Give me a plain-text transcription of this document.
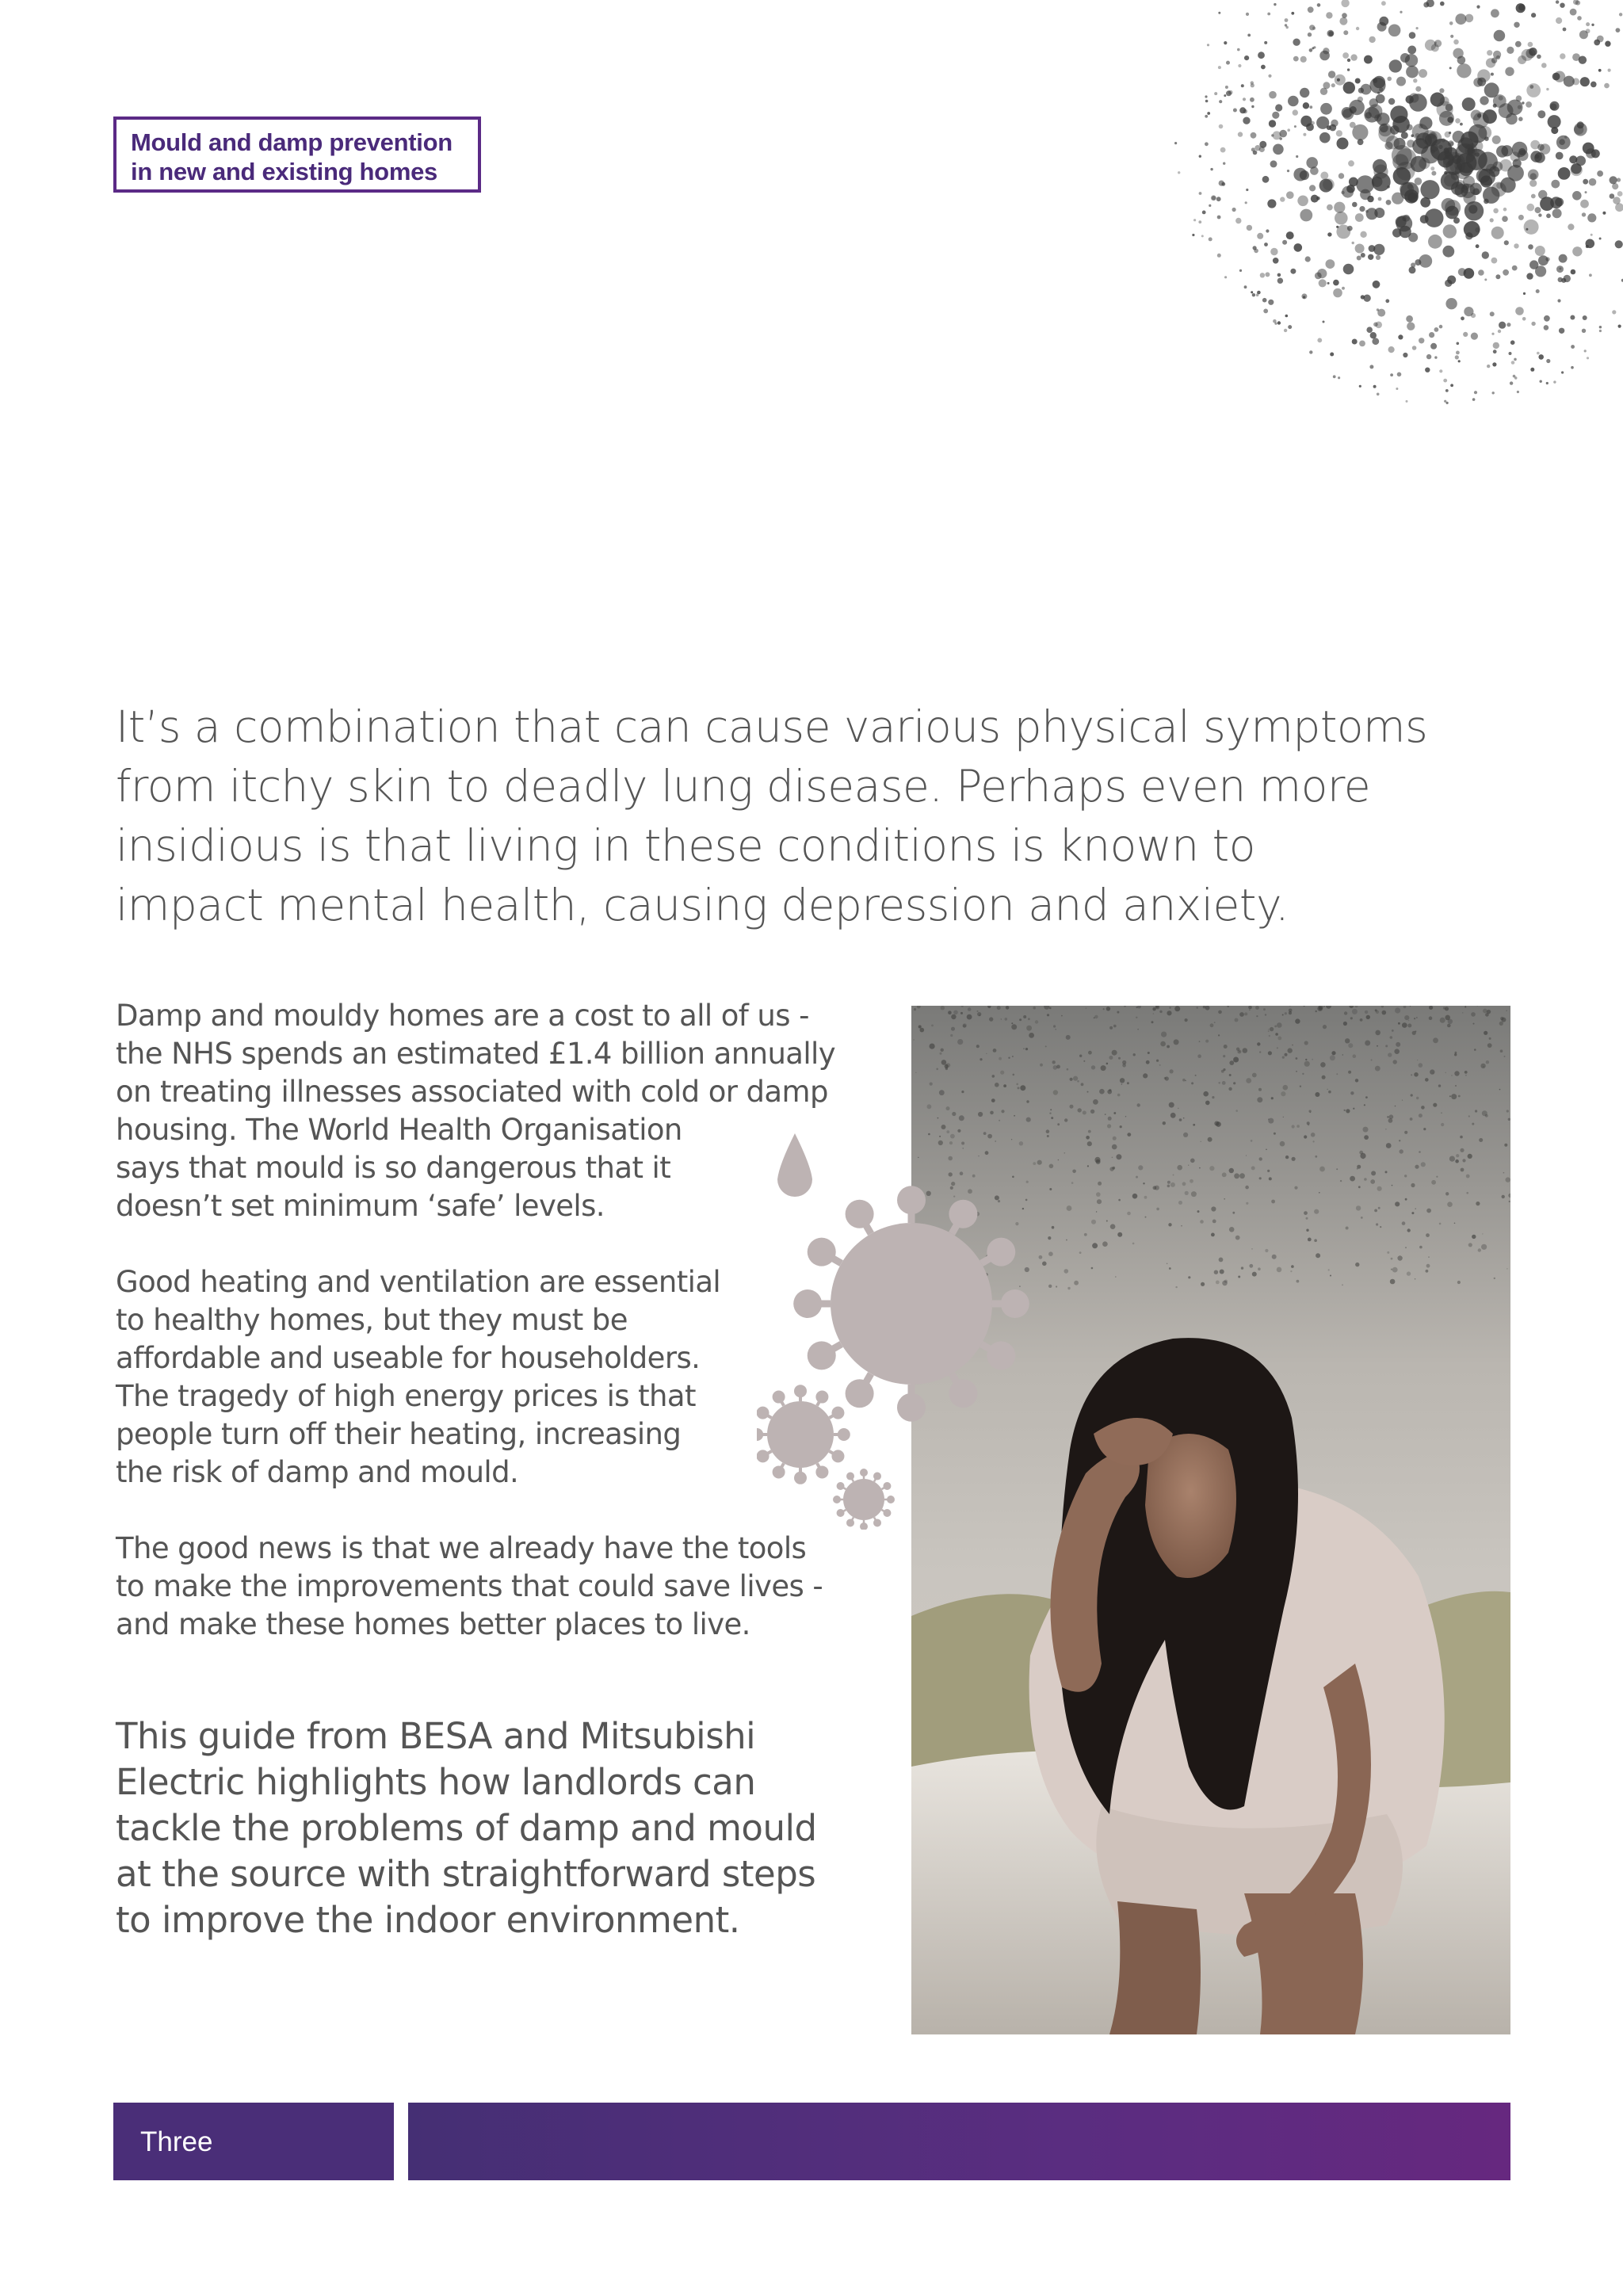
Mould and damp prevention
in new and existing homes
It’s a combination that can cause various physical symptoms
from itchy skin to deadly lung disease. Perhaps even more
insidious is that living in these conditions is known to
impact mental health, causing depression and anxiety.
Damp and mouldy homes are a cost to all of us -
the NHS spends an estimated £1.4 billion annually
on treating illnesses associated with cold or damp
housing. The World Health Organisation
says that mould is so dangerous that it
doesn’t set minimum ‘safe’ levels.
Good heating and ventilation are essential
to healthy homes, but they must be
affordable and useable for householders.
The tragedy of high energy prices is that
people turn off their heating, increasing
the risk of damp and mould.
The good news is that we already have the tools
to make the improvements that could save lives -
and make these homes better places to live.
This guide from BESA and Mitsubishi
Electric highlights how landlords can
tackle the problems of damp and mould
at the source with straightforward steps
to improve the indoor environment.
Three
